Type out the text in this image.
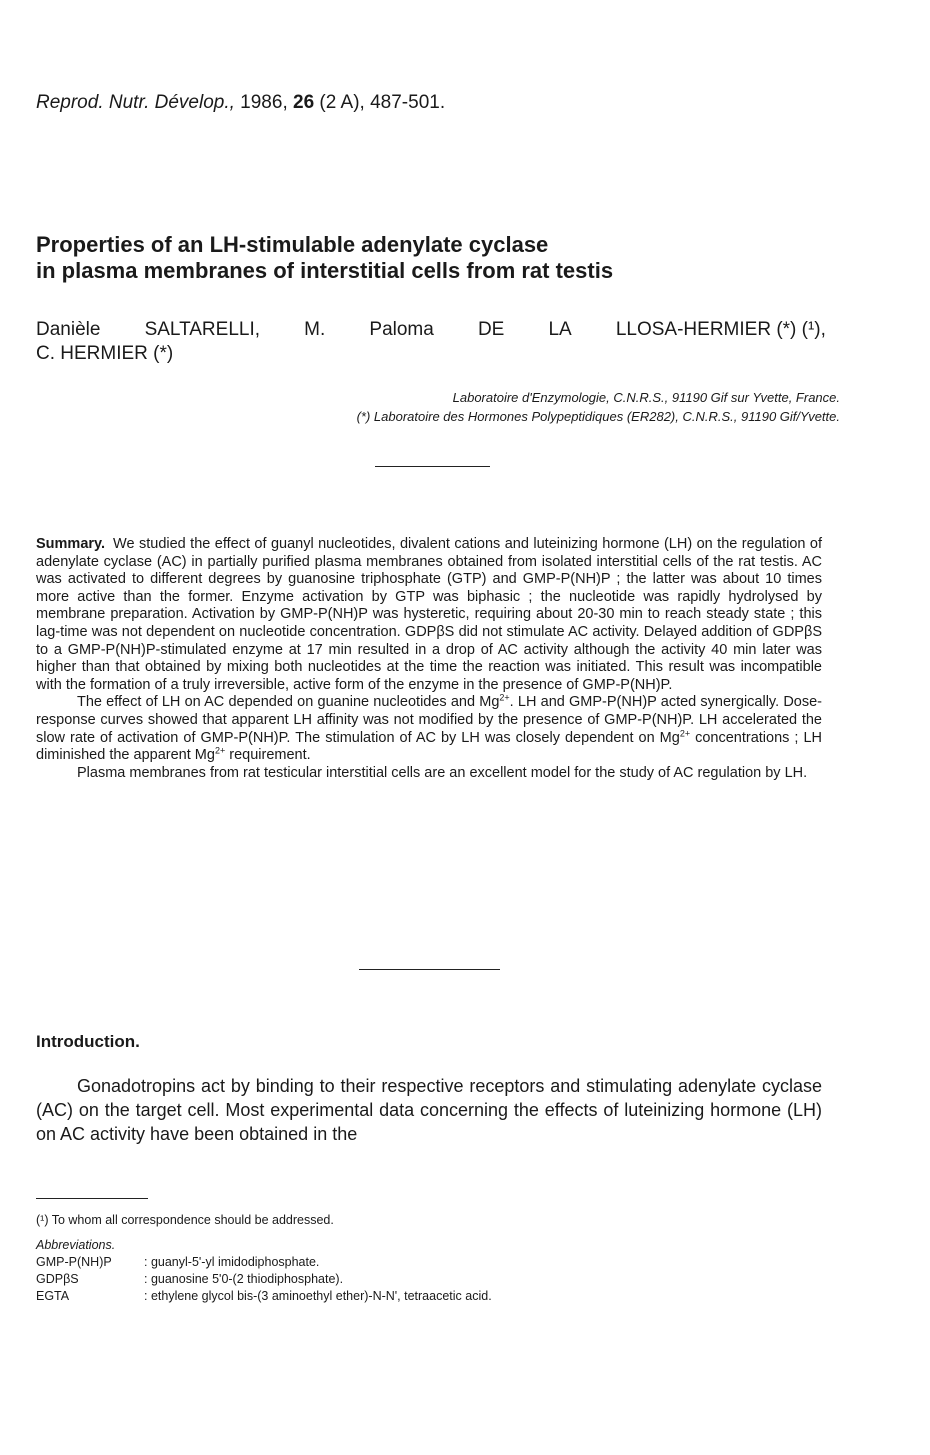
Reprod. Nutr. Dévelop., 1986, 26 (2 A), 487-501.
Properties of an LH-stimulable adenylate cyclase
in plasma membranes of interstitial cells from rat testis
Danièle SALTARELLI, M. Paloma DE LA LLOSA-HERMIER (*) (¹),
C. HERMIER (*)
Laboratoire d'Enzymologie, C.N.R.S., 91190 Gif sur Yvette, France.
(*) Laboratoire des Hormones Polypeptidiques (ER282), C.N.R.S., 91190 Gif/Yvette.

Summary. We studied the effect of guanyl nucleotides, divalent cations and luteinizing hormone (LH) on the regulation of adenylate cyclase (AC) in partially purified plasma membranes obtained from isolated interstitial cells of the rat testis. AC was activated to different degrees by guanosine triphosphate (GTP) and GMP-P(NH)P ; the latter was about 10 times more active than the former. Enzyme activation by GTP was biphasic ; the nucleotide was rapidly hydrolysed by membrane preparation. Activation by GMP-P(NH)P was hysteretic, requiring about 20-30 min to reach steady state ; this lag-time was not dependent on nucleotide concentration. GDPβS did not stimulate AC activity. Delayed addition of GDPβS to a GMP-P(NH)P-stimulated enzyme at 17 min resulted in a drop of AC activity although the activity 40 min later was higher than that obtained by mixing both nucleotides at the time the reaction was initiated. This result was incompatible with the formation of a truly irreversible, active form of the enzyme in the presence of GMP-P(NH)P.

The effect of LH on AC depended on guanine nucleotides and $Mg^{2+}$. LH and GMP-P(NH)P acted synergically. Dose-response curves showed that apparent LH affinity was not modified by the presence of GMP-P(NH)P. LH accelerated the slow rate of activation of GMP-P(NH)P. The stimulation of AC by LH was closely dependent on $Mg^{2+}$ concentrations ; LH diminished the apparent $Mg^{2+}$ requirement.

Plasma membranes from rat testicular interstitial cells are an excellent model for the study of AC regulation by LH.

Introduction.
Gonadotropins act by binding to their respective receptors and stimulating adenylate cyclase (AC) on the target cell. Most experimental data concerning the effects of luteinizing hormone (LH) on AC activity have been obtained in the

(¹) To whom all correspondence should be addressed.

Abbreviations.

GMP-P(NH)P	: guanyl-5'-yl imidodiphosphate.
GDPβS	: guanosine 5'0-(2 thiodiphosphate).
EGTA	: ethylene glycol bis-(3 aminoethyl ether)-N-N', tetraacetic acid.
